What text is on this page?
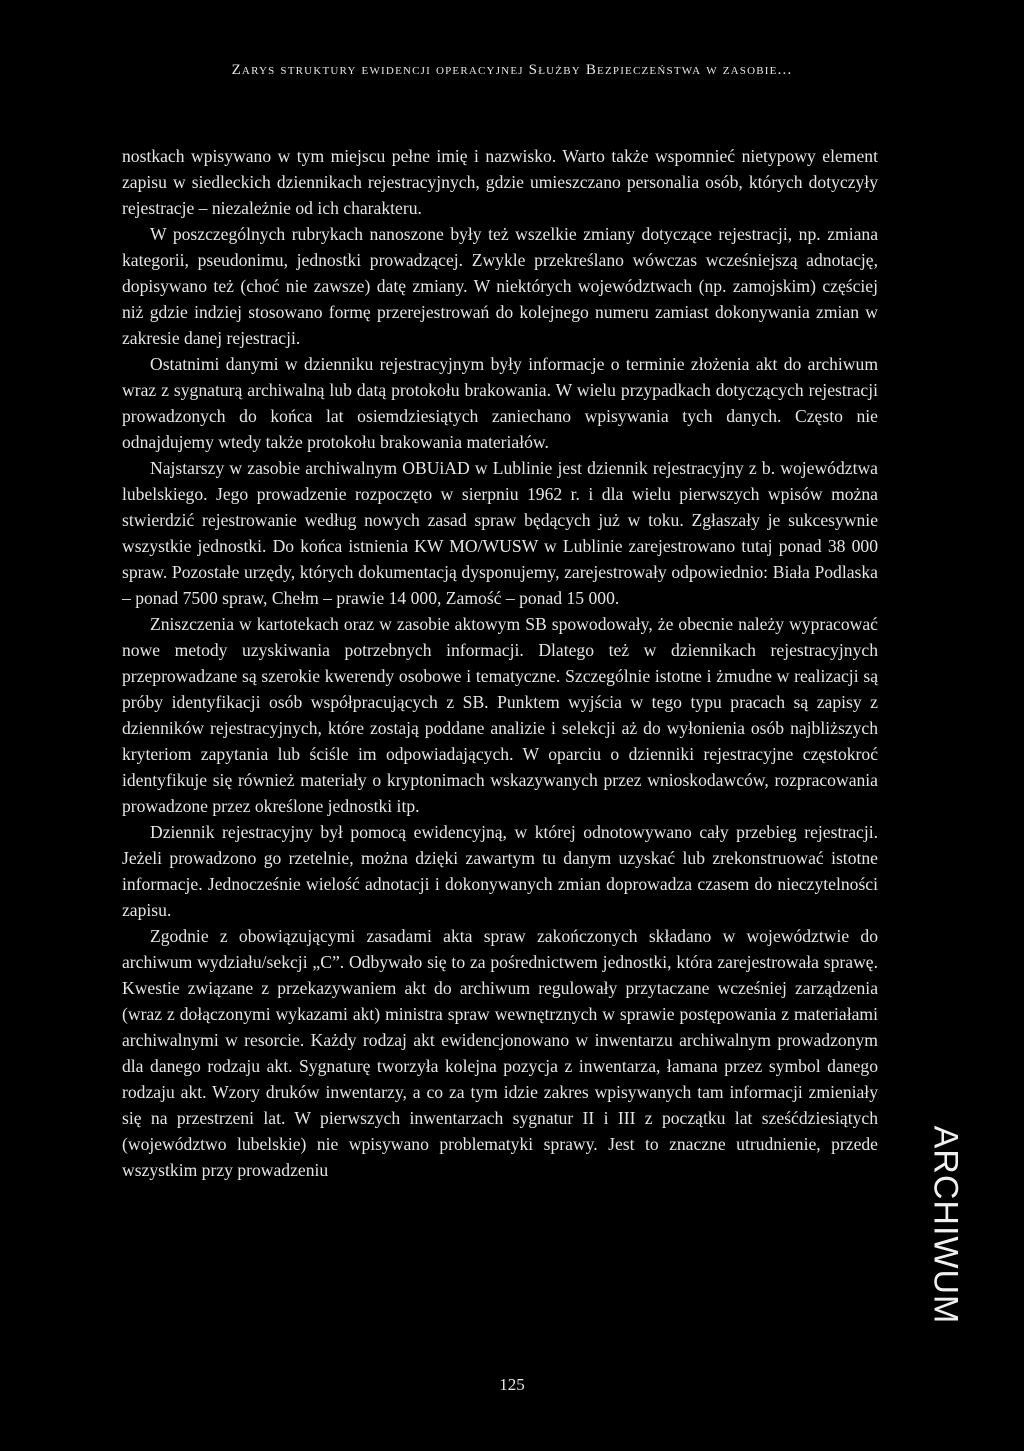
Zarys struktury ewidencji operacyjnej Służby Bezpieczeństwa w zasobie...

nostkach wpisywano w tym miejscu pełne imię i nazwisko. Warto także wspomnieć nietypowy element zapisu w siedleckich dziennikach rejestracyjnych, gdzie umieszczano personalia osób, których dotyczyły rejestracje – niezależnie od ich charakteru.

W poszczególnych rubrykach nanoszone były też wszelkie zmiany dotyczące rejestracji, np. zmiana kategorii, pseudonimu, jednostki prowadzącej. Zwykle przekreślano wówczas wcześniejszą adnotację, dopisywano też (choć nie zawsze) datę zmiany. W niektórych województwach (np. zamojskim) częściej niż gdzie indziej stosowano formę przerejestrowań do kolejnego numeru zamiast dokonywania zmian w zakresie danej rejestracji.

Ostatnimi danymi w dzienniku rejestracyjnym były informacje o terminie złożenia akt do archiwum wraz z sygnaturą archiwalną lub datą protokołu brakowania. W wielu przypadkach dotyczących rejestracji prowadzonych do końca lat osiemdziesiątych zaniechano wpisywania tych danych. Często nie odnajdujemy wtedy także protokołu brakowania materiałów.

Najstarszy w zasobie archiwalnym OBUiAD w Lublinie jest dziennik rejestracyjny z b. województwa lubelskiego. Jego prowadzenie rozpoczęto w sierpniu 1962 r. i dla wielu pierwszych wpisów można stwierdzić rejestrowanie według nowych zasad spraw będących już w toku. Zgłaszały je sukcesywnie wszystkie jednostki. Do końca istnienia KW MO/WUSW w Lublinie zarejestrowano tutaj ponad 38 000 spraw. Pozostałe urzędy, których dokumentacją dysponujemy, zarejestrowały odpowiednio: Biała Podlaska – ponad 7500 spraw, Chełm – prawie 14 000, Zamość – ponad 15 000.

Zniszczenia w kartotekach oraz w zasobie aktowym SB spowodowały, że obecnie należy wypracować nowe metody uzyskiwania potrzebnych informacji. Dlatego też w dziennikach rejestracyjnych przeprowadzane są szerokie kwerendy osobowe i tematyczne. Szczególnie istotne i żmudne w realizacji są próby identyfikacji osób współpracujących z SB. Punktem wyjścia w tego typu pracach są zapisy z dzienników rejestracyjnych, które zostają poddane analizie i selekcji aż do wyłonienia osób najbliższych kryteriom zapytania lub ściśle im odpowiadających. W oparciu o dzienniki rejestracyjne częstokroć identyfikuje się również materiały o kryptonimach wskazywanych przez wnioskodawców, rozpracowania prowadzone przez określone jednostki itp.

Dziennik rejestracyjny był pomocą ewidencyjną, w której odnotowywano cały przebieg rejestracji. Jeżeli prowadzono go rzetelnie, można dzięki zawartym tu danym uzyskać lub zrekonstruować istotne informacje. Jednocześnie wielość adnotacji i dokonywanych zmian doprowadza czasem do nieczytelności zapisu.

Zgodnie z obowiązującymi zasadami akta spraw zakończonych składano w województwie do archiwum wydziału/sekcji „C”. Odbywało się to za pośrednictwem jednostki, która zarejestrowała sprawę. Kwestie związane z przekazywaniem akt do archiwum regulowały przytaczane wcześniej zarządzenia (wraz z dołączonymi wykazami akt) ministra spraw wewnętrznych w sprawie postępowania z materiałami archiwalnymi w resorcie. Każdy rodzaj akt ewidencjonowano w inwentarzu archiwalnym prowadzonym dla danego rodzaju akt. Sygnaturę tworzyła kolejna pozycja z inwentarza, łamana przez symbol danego rodzaju akt. Wzory druków inwentarzy, a co za tym idzie zakres wpisywanych tam informacji zmieniały się na przestrzeni lat. W pierwszych inwentarzach sygnatur II i III z początku lat sześćdziesiątych (województwo lubelskie) nie wpisywano problematyki sprawy. Jest to znaczne utrudnienie, przede wszystkim przy prowadzeniu	ARCHIWUM
125
